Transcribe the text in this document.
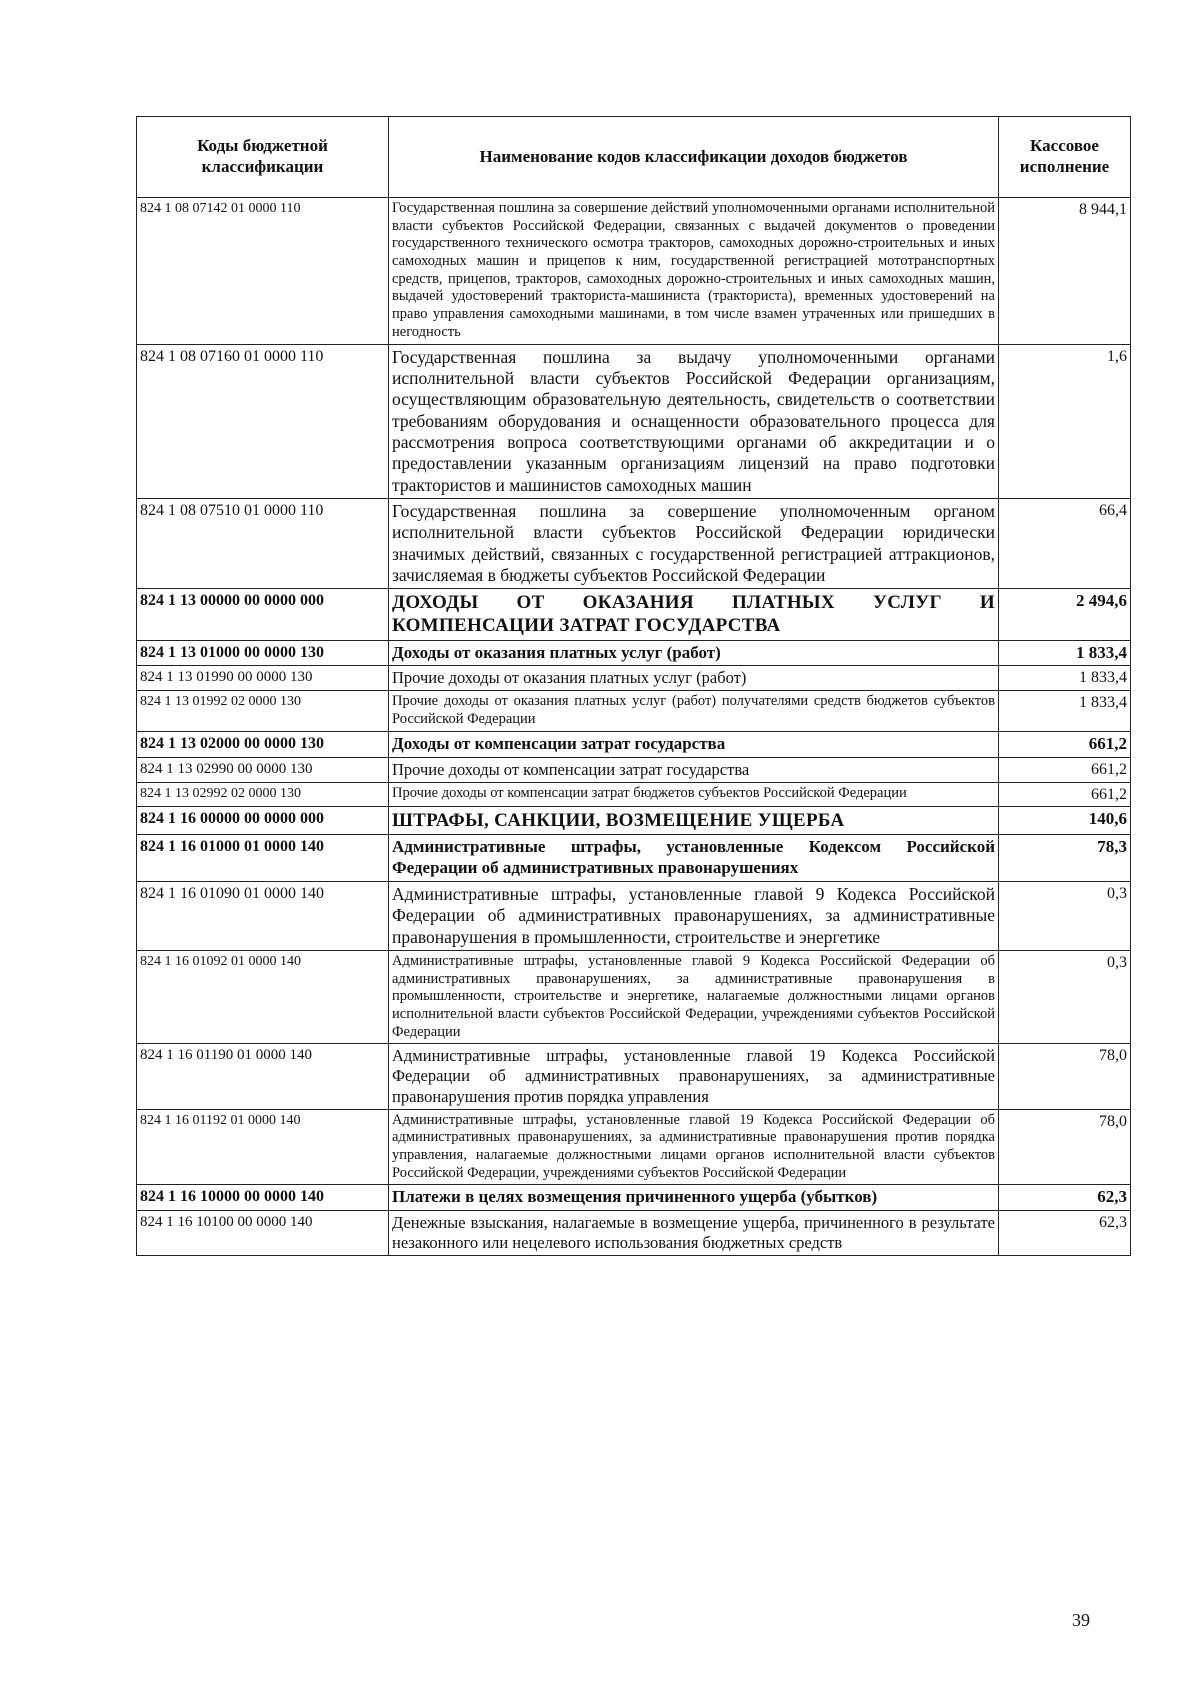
Коды бюджетной классификации	Наименование кодов классификации доходов бюджетов	Кассовое исполнение
824 1 08 07142 01 0000 110	Государственная пошлина за совершение действий уполномоченными органами исполнительной власти субъектов Российской Федерации, связанных с выдачей документов о проведении государственного технического осмотра тракторов, самоходных дорожно-строительных и иных самоходных машин и прицепов к ним, государственной регистрацией мототранспортных средств, прицепов, тракторов, самоходных дорожно-строительных и иных самоходных машин, выдачей удостоверений тракториста-машиниста (тракториста), временных удостоверений на право управления самоходными машинами, в том числе взамен утраченных или пришедших в негодность	8 944,1
824 1 08 07160 01 0000 110	Государственная пошлина за выдачу уполномоченными органами исполнительной власти субъектов Российской Федерации организациям, осуществляющим образовательную деятельность, свидетельств о соответствии требованиям оборудования и оснащенности образовательного процесса для рассмотрения вопроса соответствующими органами об аккредитации и о предоставлении указанным организациям лицензий на право подготовки трактористов и машинистов самоходных машин	1,6
824 1 08 07510 01 0000 110	Государственная пошлина за совершение уполномоченным органом исполнительной власти субъектов Российской Федерации юридически значимых действий, связанных с государственной регистрацией аттракционов, зачисляемая в бюджеты субъектов Российской Федерации	66,4
824 1 13 00000 00 0000 000	ДОХОДЫ ОТ ОКАЗАНИЯ ПЛАТНЫХ УСЛУГ И КОМПЕНСАЦИИ ЗАТРАТ ГОСУДАРСТВА	2 494,6
824 1 13 01000 00 0000 130	Доходы от оказания платных услуг (работ)	1 833,4
824 1 13 01990 00 0000 130	Прочие доходы от оказания платных услуг (работ)	1 833,4
824 1 13 01992 02 0000 130	Прочие доходы от оказания платных услуг (работ) получателями средств бюджетов субъектов Российской Федерации	1 833,4
824 1 13 02000 00 0000 130	Доходы от компенсации затрат государства	661,2
824 1 13 02990 00 0000 130	Прочие доходы от компенсации затрат государства	661,2
824 1 13 02992 02 0000 130	Прочие доходы от компенсации затрат бюджетов субъектов Российской Федерации	661,2
824 1 16 00000 00 0000 000	ШТРАФЫ, САНКЦИИ, ВОЗМЕЩЕНИЕ УЩЕРБА	140,6
824 1 16 01000 01 0000 140	Административные штрафы, установленные Кодексом Российской Федерации об административных правонарушениях	78,3
824 1 16 01090 01 0000 140	Административные штрафы, установленные главой 9 Кодекса Российской Федерации об административных правонарушениях, за административные правонарушения в промышленности, строительстве и энергетике	0,3
824 1 16 01092 01 0000 140	Административные штрафы, установленные главой 9 Кодекса Российской Федерации об административных правонарушениях, за административные правонарушения в промышленности, строительстве и энергетике, налагаемые должностными лицами органов исполнительной власти субъектов Российской Федерации, учреждениями субъектов Российской Федерации	0,3
824 1 16 01190 01 0000 140	Административные штрафы, установленные главой 19 Кодекса Российской Федерации об административных правонарушениях, за административные правонарушения против порядка управления	78,0
824 1 16 01192 01 0000 140	Административные штрафы, установленные главой 19 Кодекса Российской Федерации об административных правонарушениях, за административные правонарушения против порядка управления, налагаемые должностными лицами органов исполнительной власти субъектов Российской Федерации, учреждениями субъектов Российской Федерации	78,0
824 1 16 10000 00 0000 140	Платежи в целях возмещения причиненного ущерба (убытков)	62,3
824 1 16 10100 00 0000 140	Денежные взыскания, налагаемые в возмещение ущерба, причиненного в результате незаконного или нецелевого использования бюджетных средств	62,3
39
